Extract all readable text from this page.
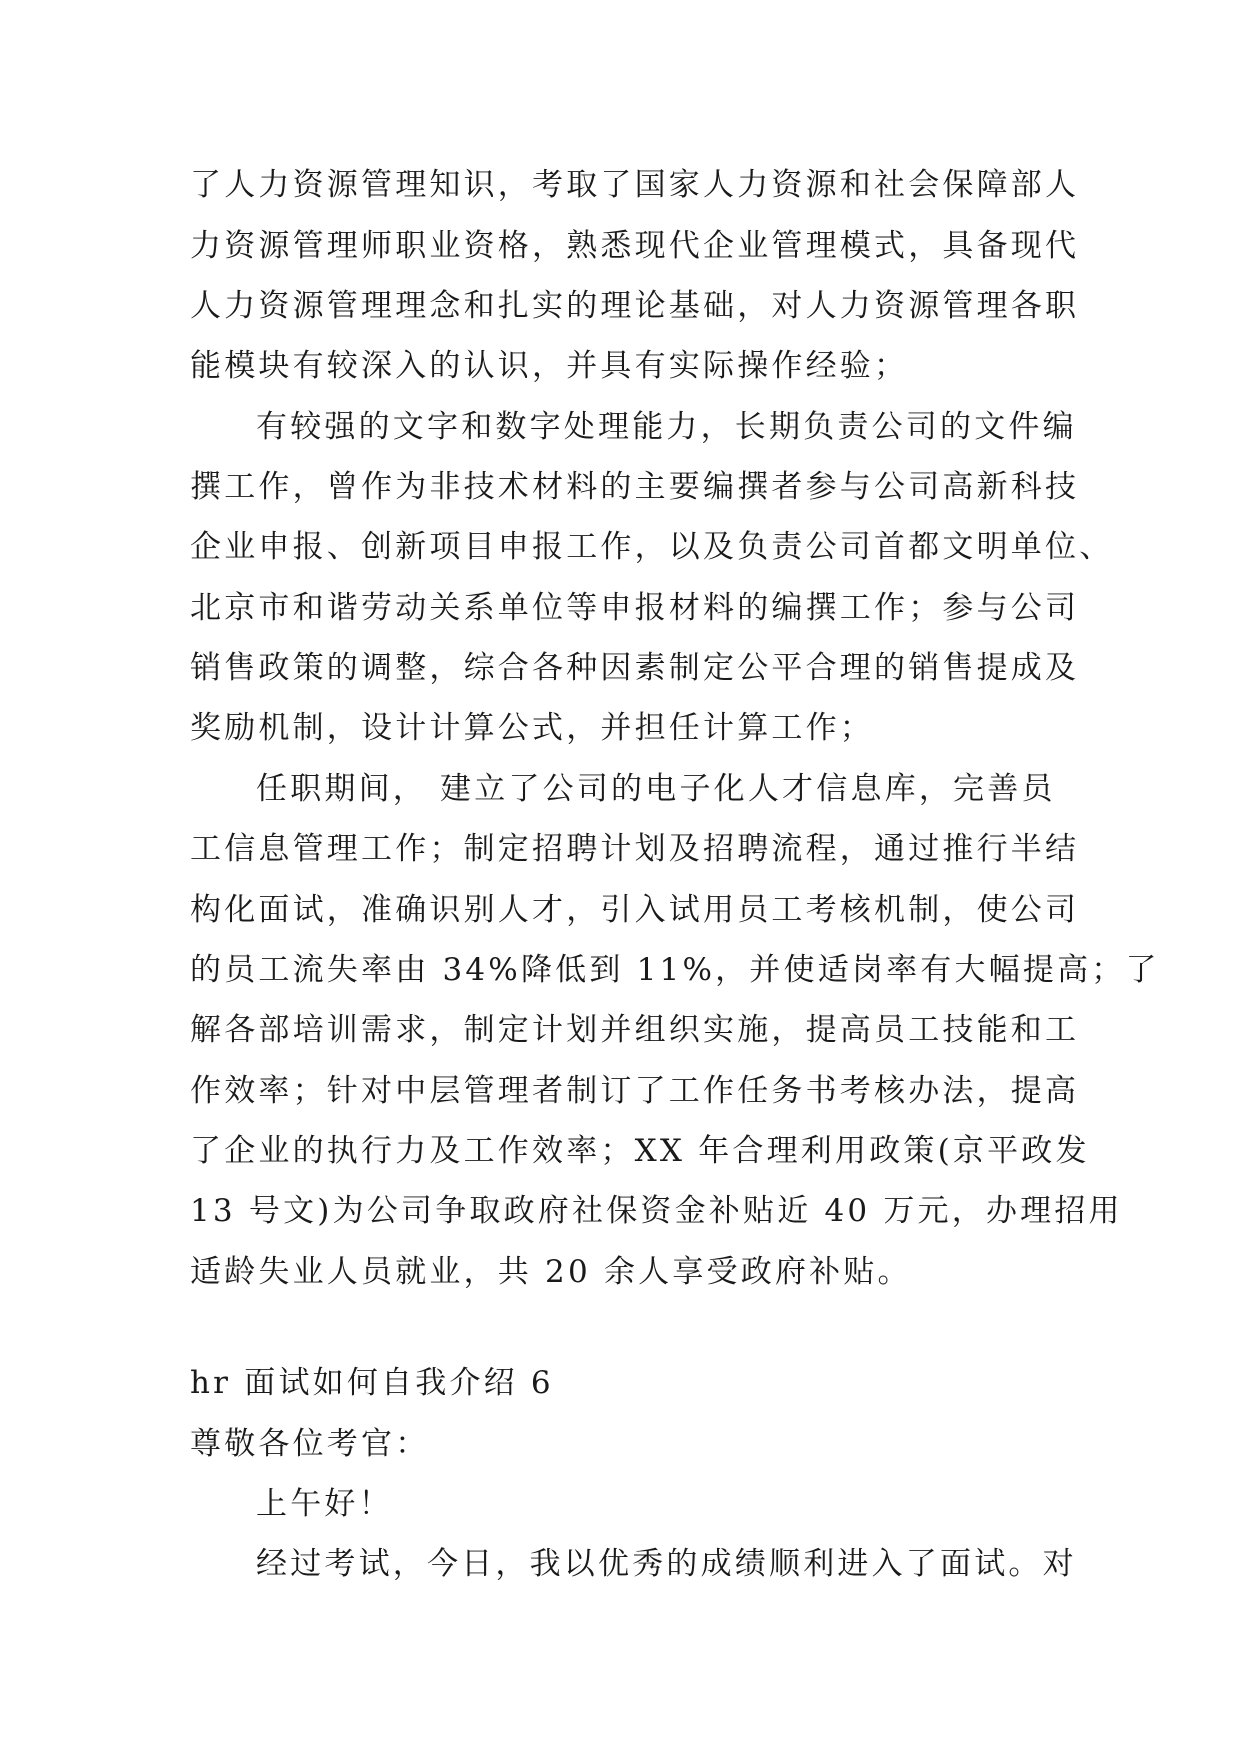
了人力资源管理知识，考取了国家人力资源和社会保障部人
力资源管理师职业资格，熟悉现代企业管理模式，具备现代
人力资源管理理念和扎实的理论基础，对人力资源管理各职
能模块有较深入的认识，并具有实际操作经验；
有较强的文字和数字处理能力，长期负责公司的文件编
撰工作，曾作为非技术材料的主要编撰者参与公司高新科技
企业申报、创新项目申报工作，以及负责公司首都文明单位、
北京市和谐劳动关系单位等申报材料的编撰工作；参与公司
销售政策的调整，综合各种因素制定公平合理的销售提成及
奖励机制，设计计算公式，并担任计算工作；
任职期间， 建立了公司的电子化人才信息库，完善员
工信息管理工作；制定招聘计划及招聘流程，通过推行半结
构化面试，准确识别人才，引入试用员工考核机制，使公司
的员工流失率由 34%降低到 11%，并使适岗率有大幅提高；了
解各部培训需求，制定计划并组织实施，提高员工技能和工
作效率；针对中层管理者制订了工作任务书考核办法，提高
了企业的执行力及工作效率；XX 年合理利用政策(京平政发
13 号文)为公司争取政府社保资金补贴近 40 万元，办理招用
适龄失业人员就业，共 20 余人享受政府补贴。
hr 面试如何自我介绍 6
尊敬各位考官：
上午好！
经过考试，今日，我以优秀的成绩顺利进入了面试。对
